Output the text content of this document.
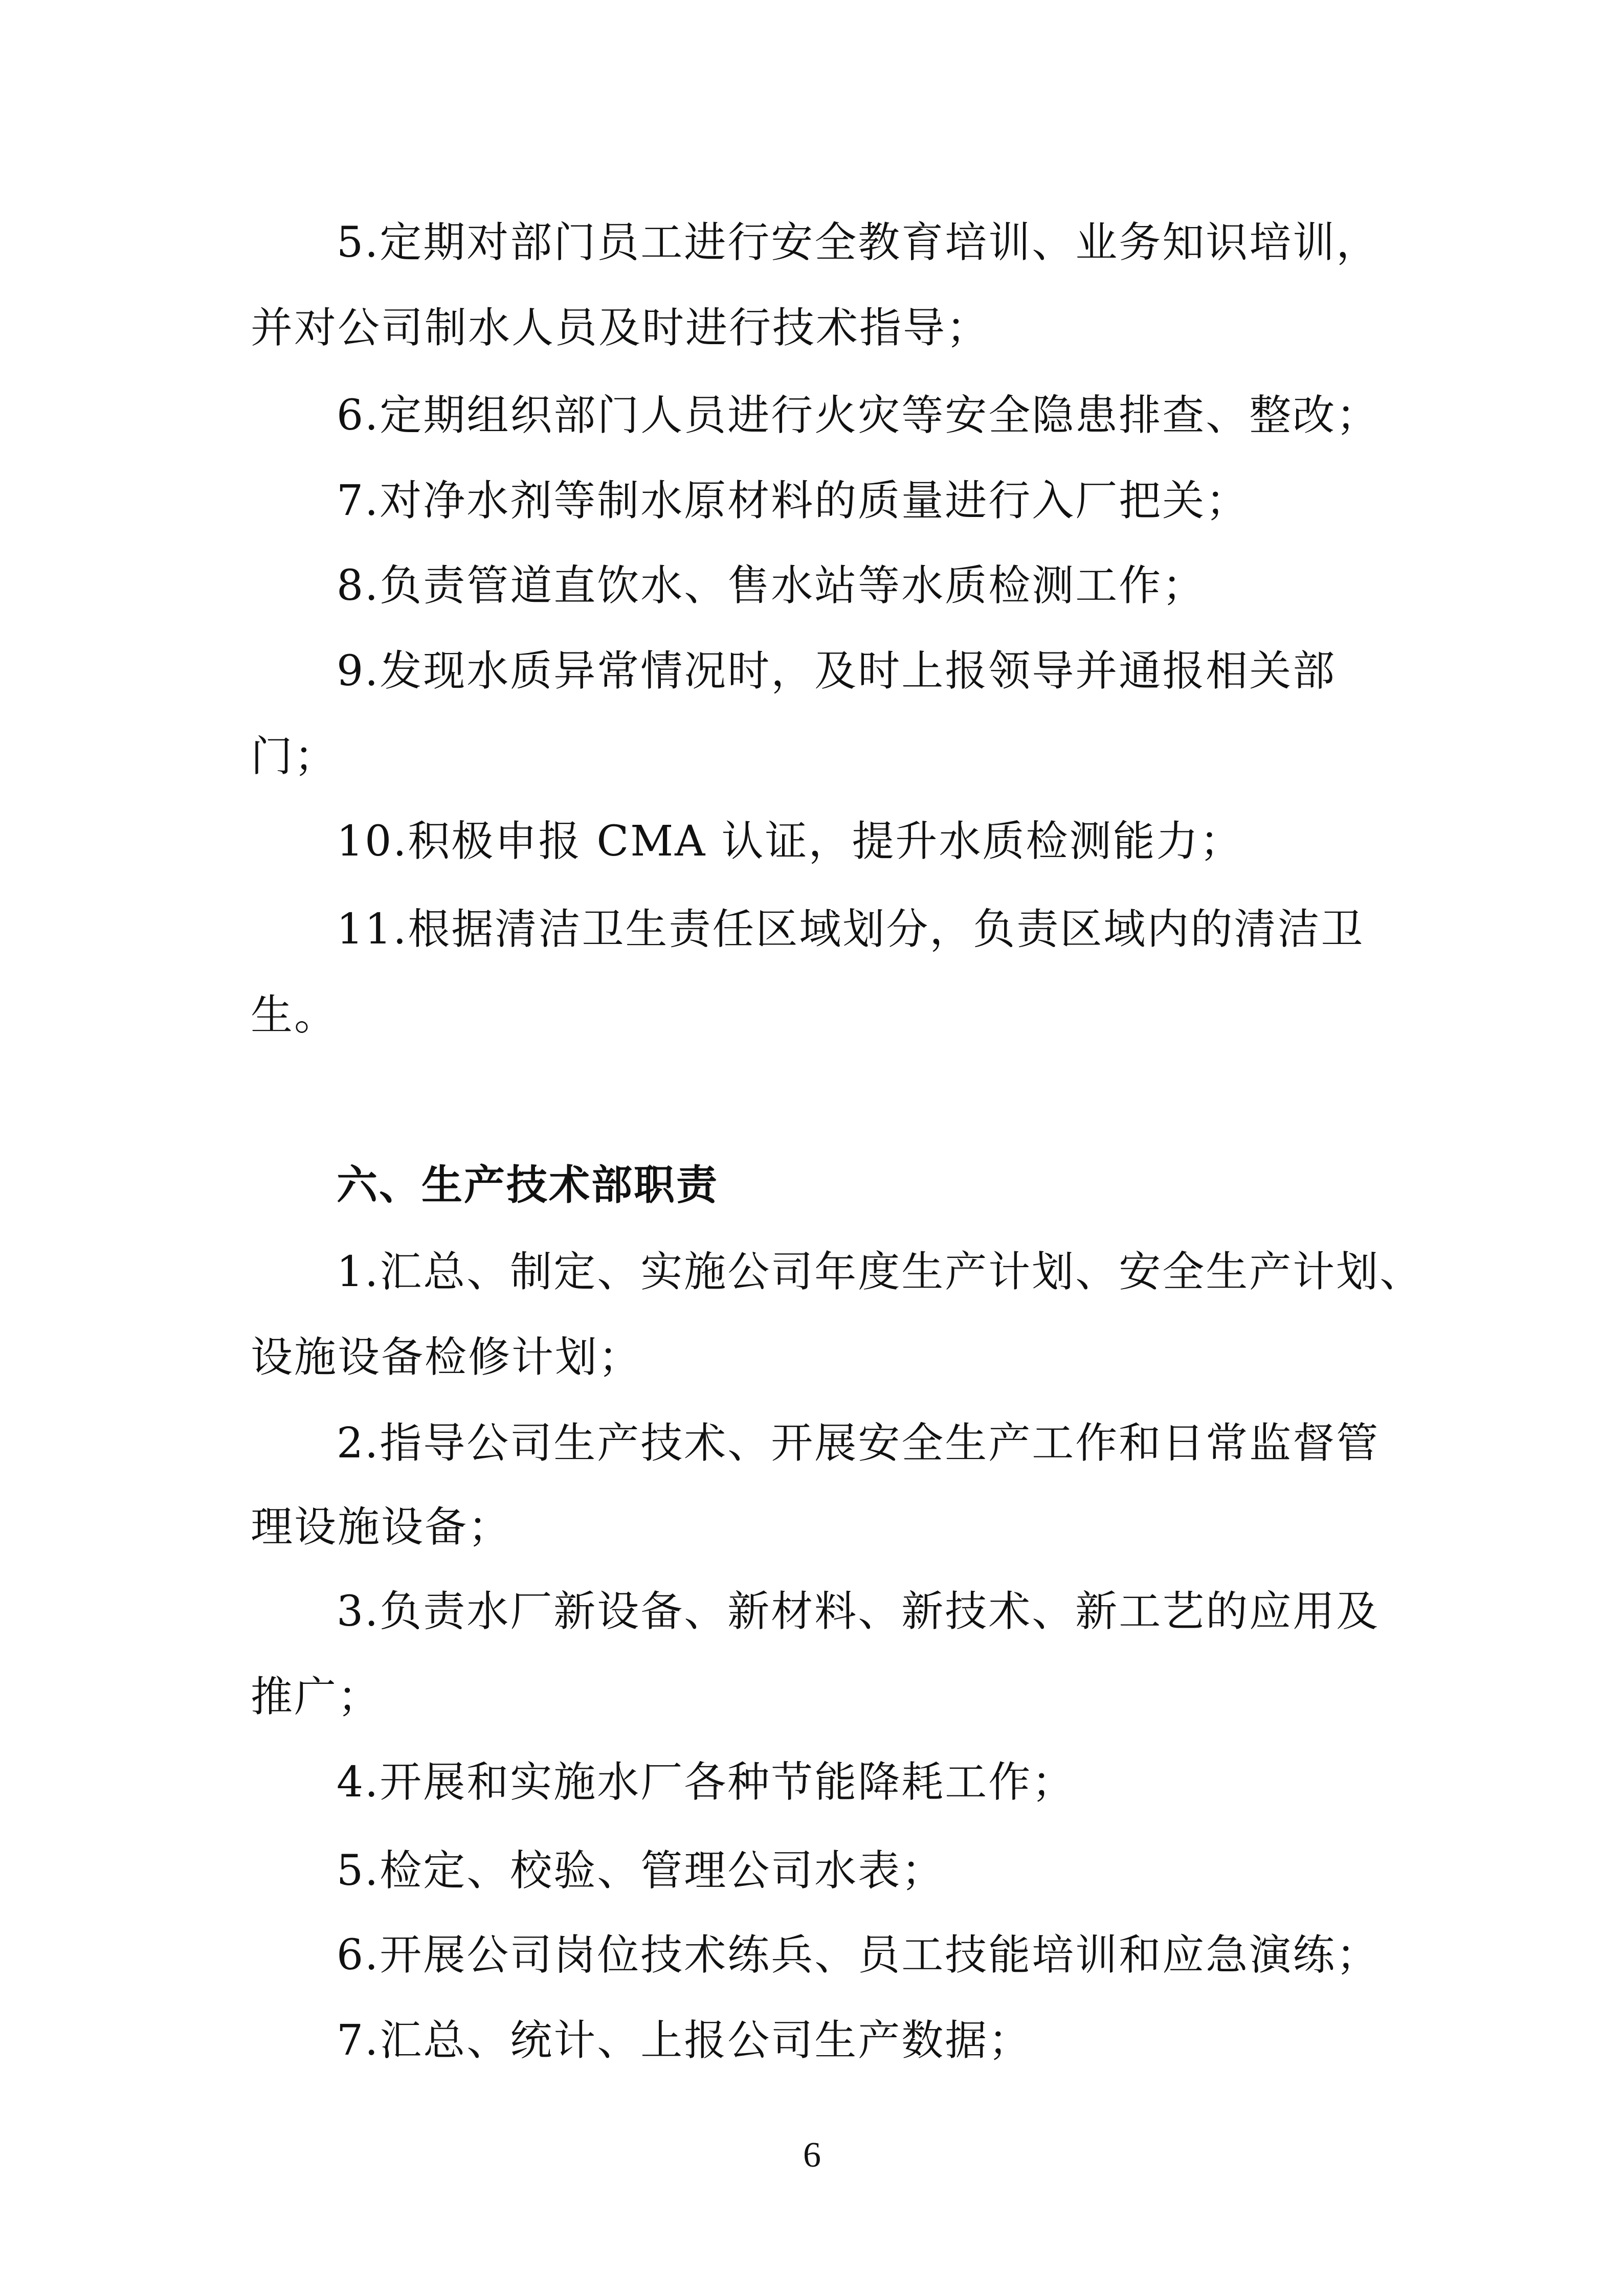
5.定期对部门员工进行安全教育培训、业务知识培训，
并对公司制水人员及时进行技术指导；
6.定期组织部门人员进行火灾等安全隐患排查、整改；
7.对净水剂等制水原材料的质量进行入厂把关；
8.负责管道直饮水、售水站等水质检测工作；
9.发现水质异常情况时，及时上报领导并通报相关部
门；
10.积极申报 CMA 认证，提升水质检测能力；
11.根据清洁卫生责任区域划分，负责区域内的清洁卫
生。
六、生产技术部职责
1.汇总、制定、实施公司年度生产计划、安全生产计划、
设施设备检修计划；
2.指导公司生产技术、开展安全生产工作和日常监督管
理设施设备；
3.负责水厂新设备、新材料、新技术、新工艺的应用及
推广；
4.开展和实施水厂各种节能降耗工作；
5.检定、校验、管理公司水表；
6.开展公司岗位技术练兵、员工技能培训和应急演练；
7.汇总、统计、上报公司生产数据；
6
